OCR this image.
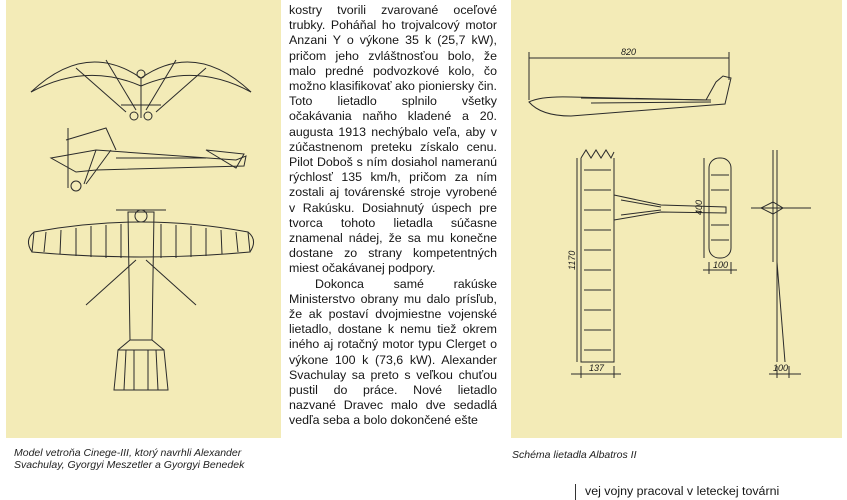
Model vetroňa Cinege-III, ktorý navrhli Alexander Svachulay, Gyorgyi Meszetler a Gyorgyi Benedek

kostry tvorili zvarované oceľové trubky. Poháňal ho trojvalcový motor Anzani Y o výkone 35 k (25,7 kW), pričom jeho zvláštnosťou bolo, že malo predné podvozkové kolo, čo možno klasifikovať ako pioniersky čin. Toto lietadlo splnilo všetky očakávania naňho kladené a 20. augusta 1913 nechýbalo veľa, aby v zúčastnenom preteku získalo cenu. Pilot Doboš s ním dosiahol nameranú rýchlosť 135 km/h, pričom za ním zostali aj továrenské stroje vyrobené v Rakúsku. Dosiahnutý úspech pre tvorca tohoto lietadla súčasne znamenal nádej, že sa mu konečne dostane zo strany kompetentných miest očakávanej podpory.

Dokonca samé rakúske Ministerstvo obrany mu dalo prísľub, že ak postaví dvojmiestne vojenské lietadlo, dostane k nemu tiež okrem iného aj rotačný motor typu Clerget o výkone 100 k (73,6 kW). Alexander Svachulay sa preto s veľkou chuťou pustil do práce. Nové lietadlo nazvané Dravec malo dve sedadlá vedľa seba a bolo dokončené ešte

820
1170
400
100
137	100
Schéma lietadla Albatros II
vej vojny pracoval v leteckej továrni
